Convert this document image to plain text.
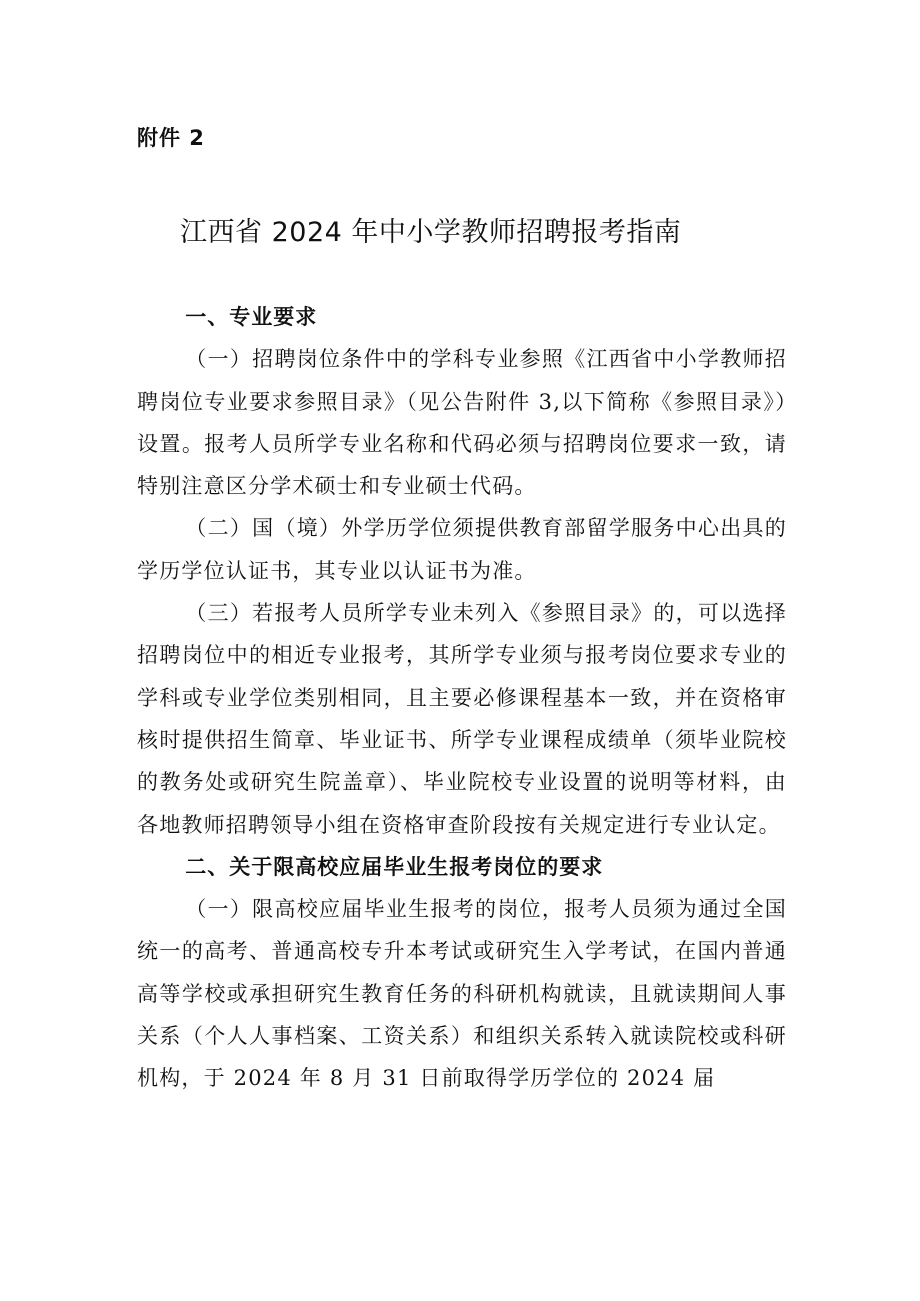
附件 2
江西省 2024 年中小学教师招聘报考指南

一、专业要求

（一）招聘岗位条件中的学科专业参照《江西省中小学教师招聘岗位专业要求参照目录》（见公告附件 3,以下简称《参照目录》）设置。报考人员所学专业名称和代码必须与招聘岗位要求一致，请特别注意区分学术硕士和专业硕士代码。

（二）国（境）外学历学位须提供教育部留学服务中心出具的学历学位认证书，其专业以认证书为准。

（三）若报考人员所学专业未列入《参照目录》的，可以选择招聘岗位中的相近专业报考，其所学专业须与报考岗位要求专业的学科或专业学位类别相同，且主要必修课程基本一致，并在资格审核时提供招生简章、毕业证书、所学专业课程成绩单（须毕业院校的教务处或研究生院盖章）、毕业院校专业设置的说明等材料，由各地教师招聘领导小组在资格审查阶段按有关规定进行专业认定。

二、关于限高校应届毕业生报考岗位的要求

（一）限高校应届毕业生报考的岗位，报考人员须为通过全国统一的高考、普通高校专升本考试或研究生入学考试，在国内普通高等学校或承担研究生教育任务的科研机构就读，且就读期间人事关系（个人人事档案、工资关系）和组织关系转入就读院校或科研机构，于 2024 年 8 月 31 日前取得学历学位的 2024 届
